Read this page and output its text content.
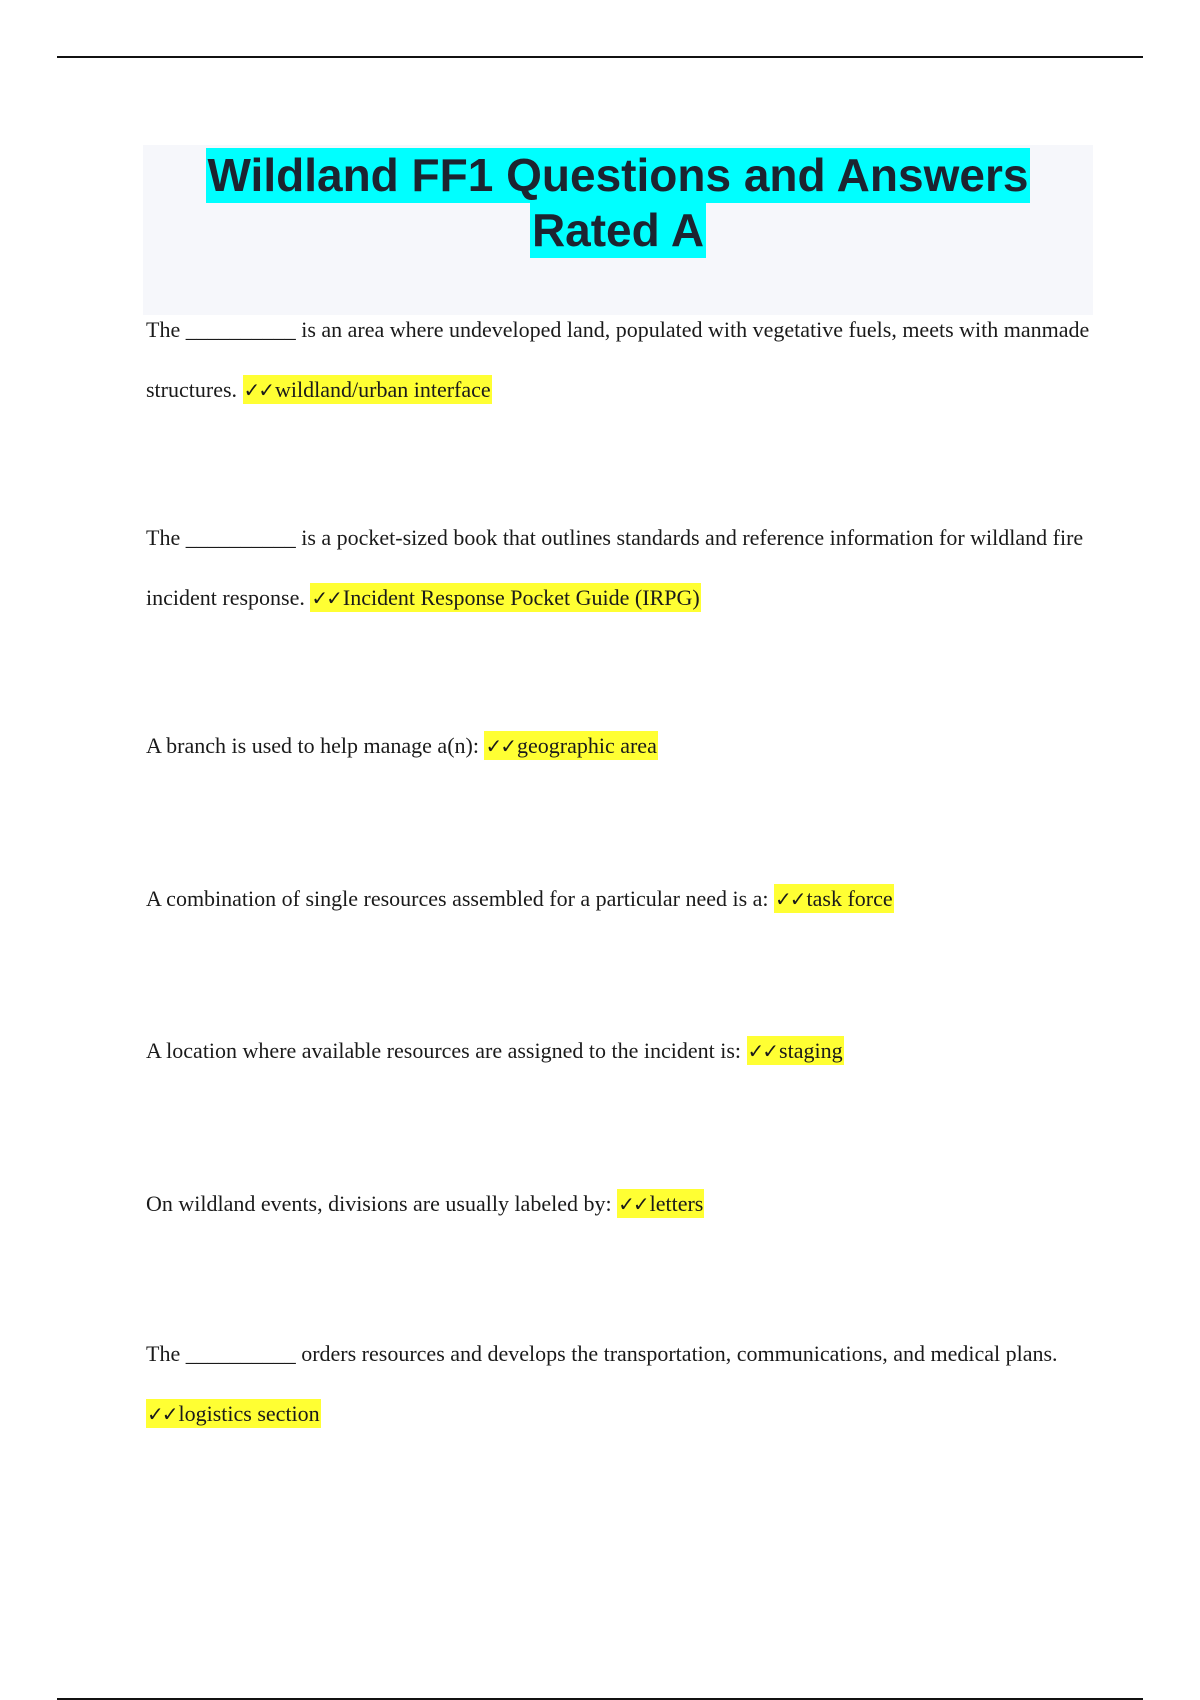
Wildland FF1 Questions and Answers
Rated A
The __________ is an area where undeveloped land, populated with vegetative fuels, meets with manmade structures. ✓✓wildland/urban interface
The __________ is a pocket-sized book that outlines standards and reference information for wildland fire incident response. ✓✓Incident Response Pocket Guide (IRPG)
A branch is used to help manage a(n): ✓✓geographic area
A combination of single resources assembled for a particular need is a: ✓✓task force
A location where available resources are assigned to the incident is: ✓✓staging
On wildland events, divisions are usually labeled by: ✓✓letters
The __________ orders resources and develops the transportation, communications, and medical plans. ✓✓logistics section
